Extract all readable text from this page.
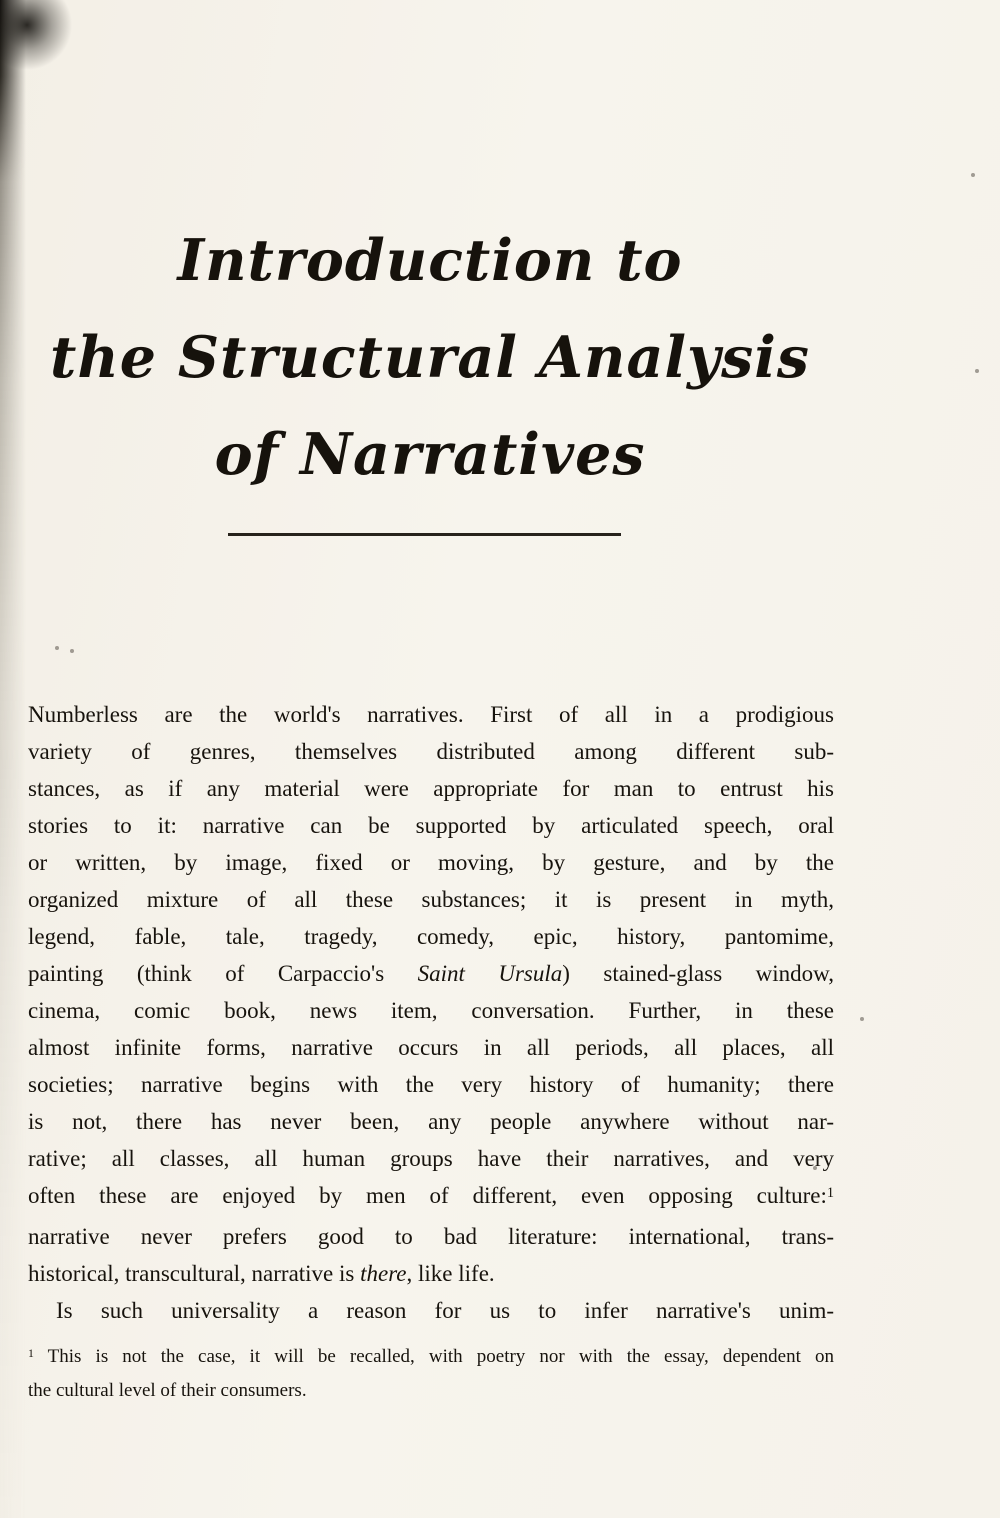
Introduction to
the Structural Analysis
of Narratives
Numberless are the world's narratives. First of all in a prodigious
variety of genres, themselves distributed among different sub-
stances, as if any material were appropriate for man to entrust his
stories to it: narrative can be supported by articulated speech, oral
or written, by image, fixed or moving, by gesture, and by the
organized mixture of all these substances; it is present in myth,
legend, fable, tale, tragedy, comedy, epic, history, pantomime,
painting (think of Carpaccio's Saint Ursula) stained-glass window,
cinema, comic book, news item, conversation. Further, in these
almost infinite forms, narrative occurs in all periods, all places, all
societies; narrative begins with the very history of humanity; there
is not, there has never been, any people anywhere without nar-
rative; all classes, all human groups have their narratives, and very
often these are enjoyed by men of different, even opposing culture:$^1$
narrative never prefers good to bad literature: international, trans-
historical, transcultural, narrative is there, like life.
Is such universality a reason for us to infer narrative's unim-
$^1$ This is not the case, it will be recalled, with poetry nor with the essay, dependent on
the cultural level of their consumers.
